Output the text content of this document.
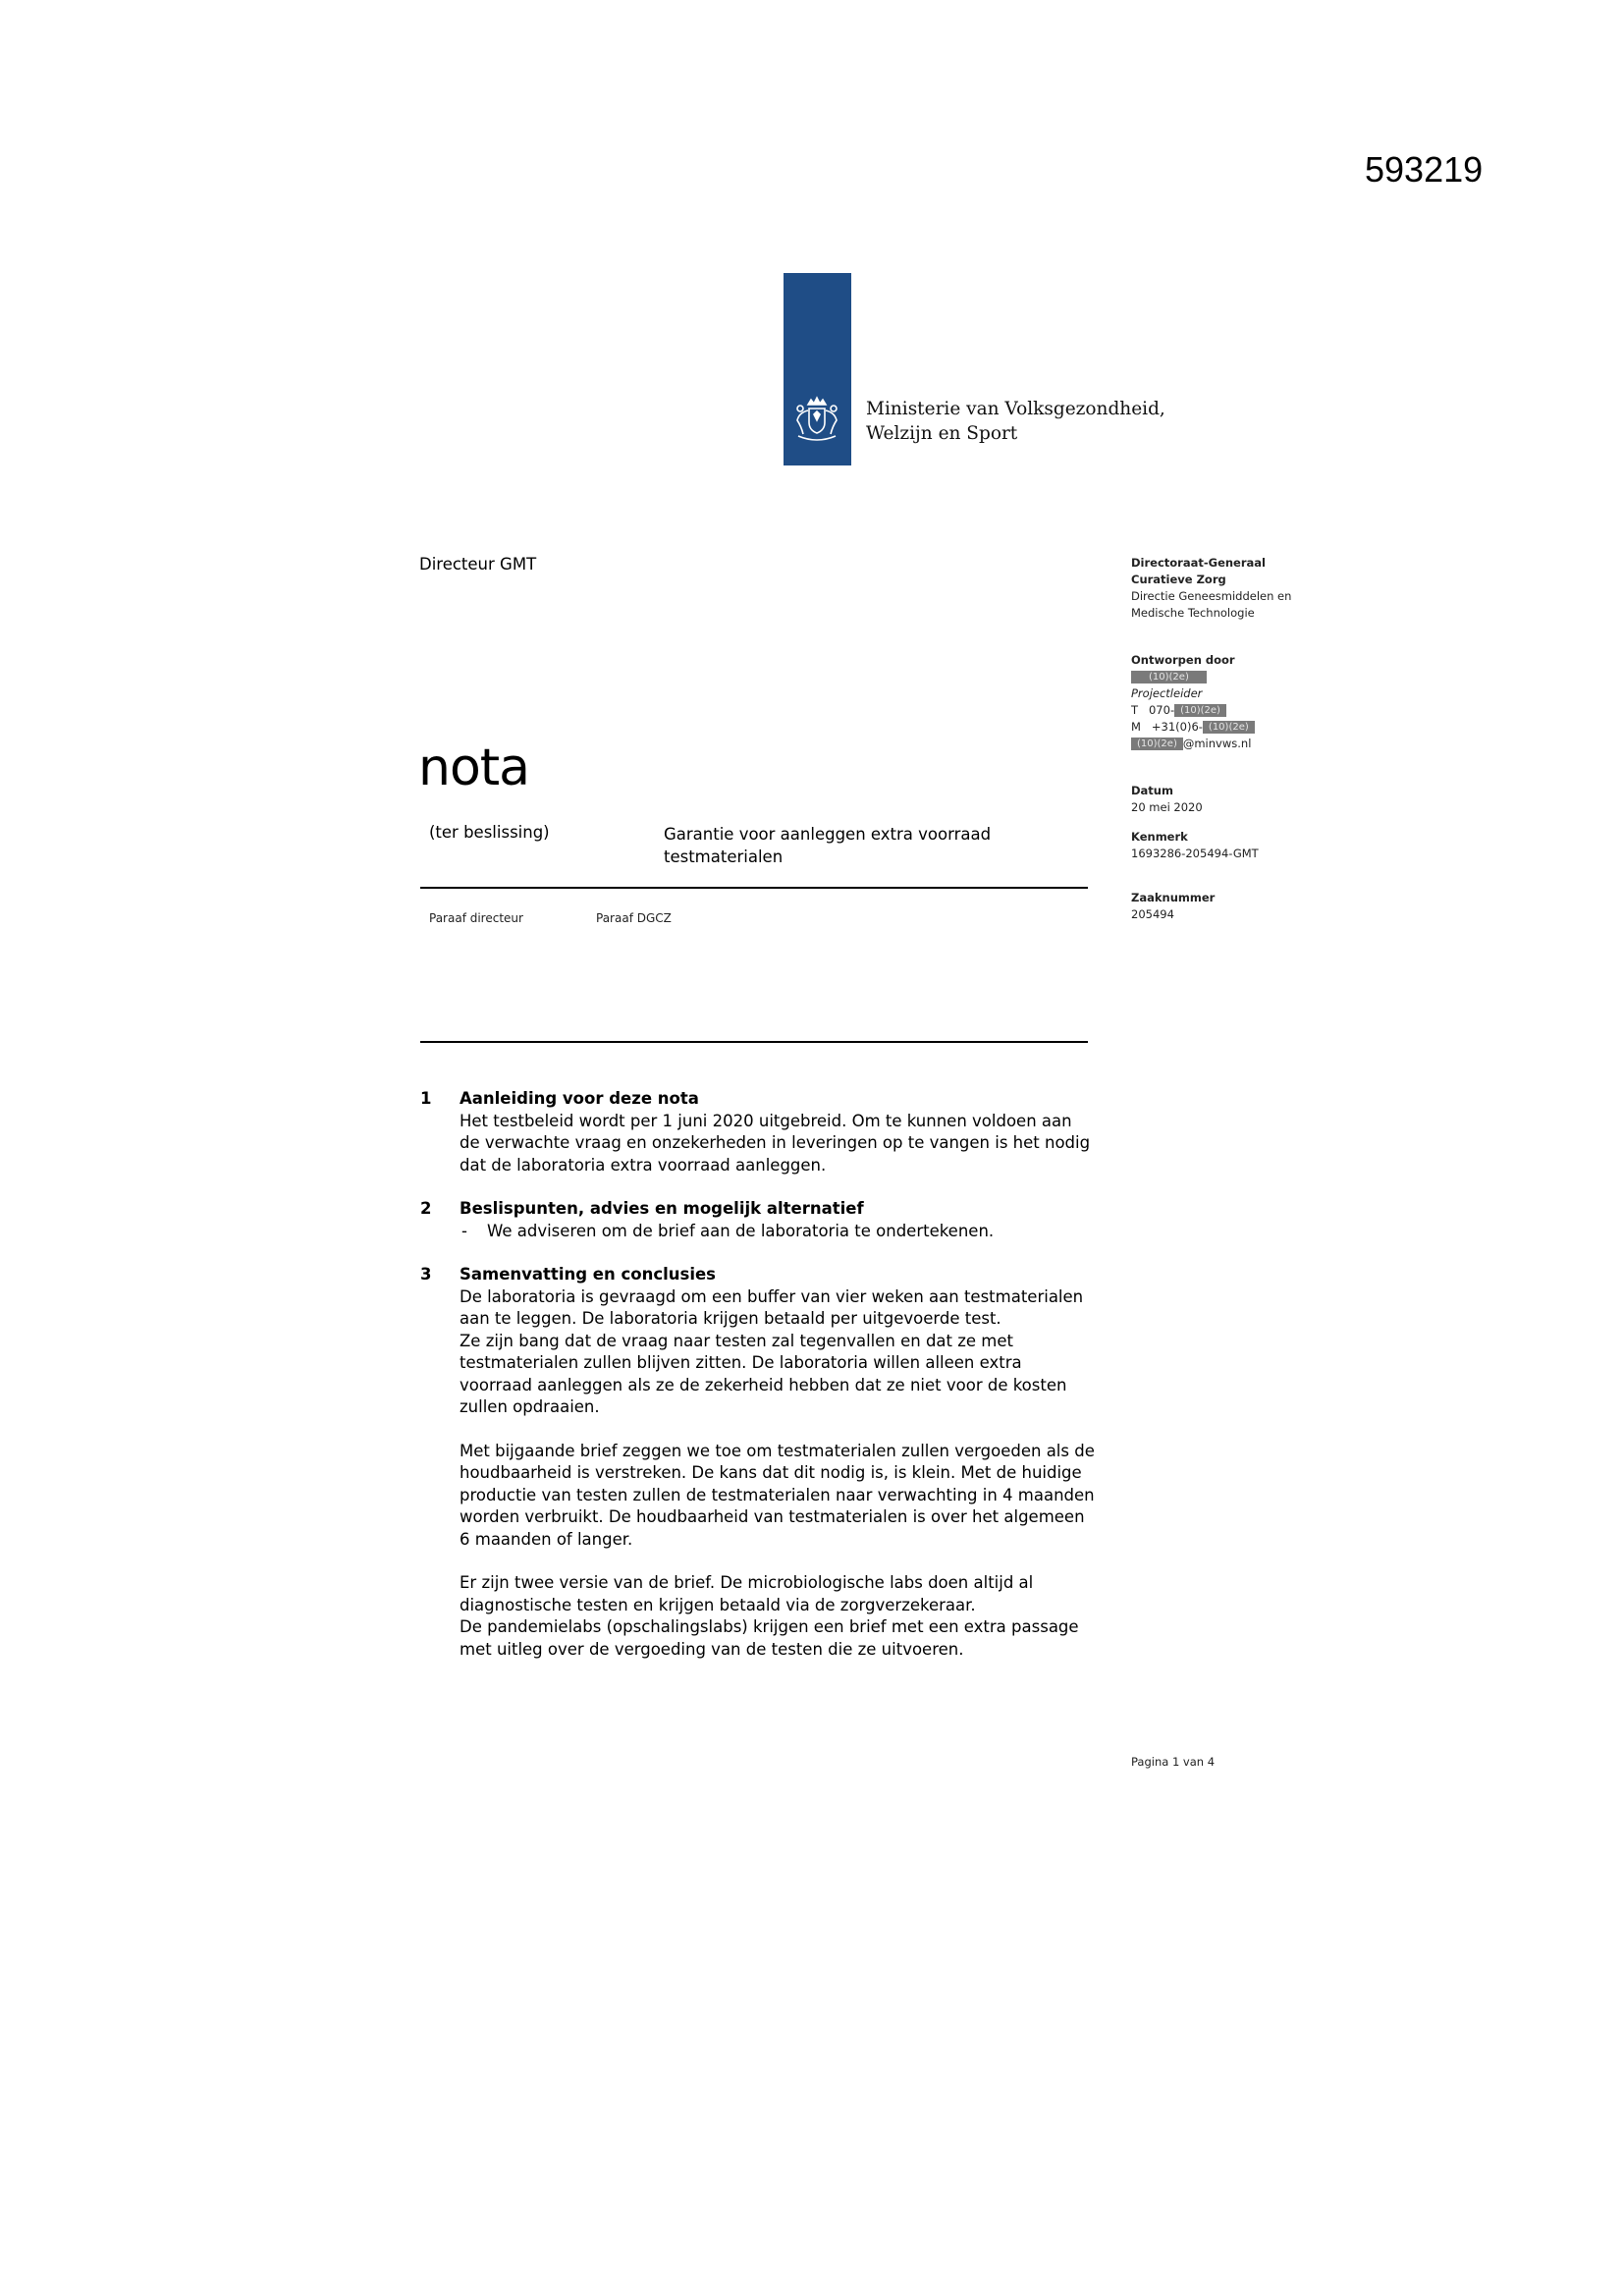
593219
Ministerie van Volksgezondheid,
Welzijn en Sport
Directeur GMT
nota
(ter beslissing)	Garantie voor aanleggen extra voorraad
testmaterialen
Paraaf directeur	Paraaf DGCZ
Directoraat-Generaal
Curatieve Zorg
Directie Geneesmiddelen en
Medische Technologie
Ontworpen door
(10)(2e)
Projectleider
T   070- (10)(2e)
M   +31(0)6- (10)(2e)
(10)(2e) @minvws.nl
Datum
20 mei 2020
Kenmerk
1693286-205494-GMT
Zaaknummer
205494
1	Aanleiding voor deze nota
Het testbeleid wordt per 1 juni 2020 uitgebreid. Om te kunnen voldoen aan
de verwachte vraag en onzekerheden in leveringen op te vangen is het nodig
dat de laboratoria extra voorraad aanleggen.
2	Beslispunten, advies en mogelijk alternatief
-	We adviseren om de brief aan de laboratoria te ondertekenen.
3	Samenvatting en conclusies
De laboratoria is gevraagd om een buffer van vier weken aan testmaterialen
aan te leggen. De laboratoria krijgen betaald per uitgevoerde test.
Ze zijn bang dat de vraag naar testen zal tegenvallen en dat ze met
testmaterialen zullen blijven zitten. De laboratoria willen alleen extra
voorraad aanleggen als ze de zekerheid hebben dat ze niet voor de kosten
zullen opdraaien.
Met bijgaande brief zeggen we toe om testmaterialen zullen vergoeden als de
houdbaarheid is verstreken. De kans dat dit nodig is, is klein. Met de huidige
productie van testen zullen de testmaterialen naar verwachting in 4 maanden
worden verbruikt. De houdbaarheid van testmaterialen is over het algemeen
6 maanden of langer.
Er zijn twee versie van de brief. De microbiologische labs doen altijd al
diagnostische testen en krijgen betaald via de zorgverzekeraar.
De pandemielabs (opschalingslabs) krijgen een brief met een extra passage
met uitleg over de vergoeding van de testen die ze uitvoeren.
Pagina 1 van 4
